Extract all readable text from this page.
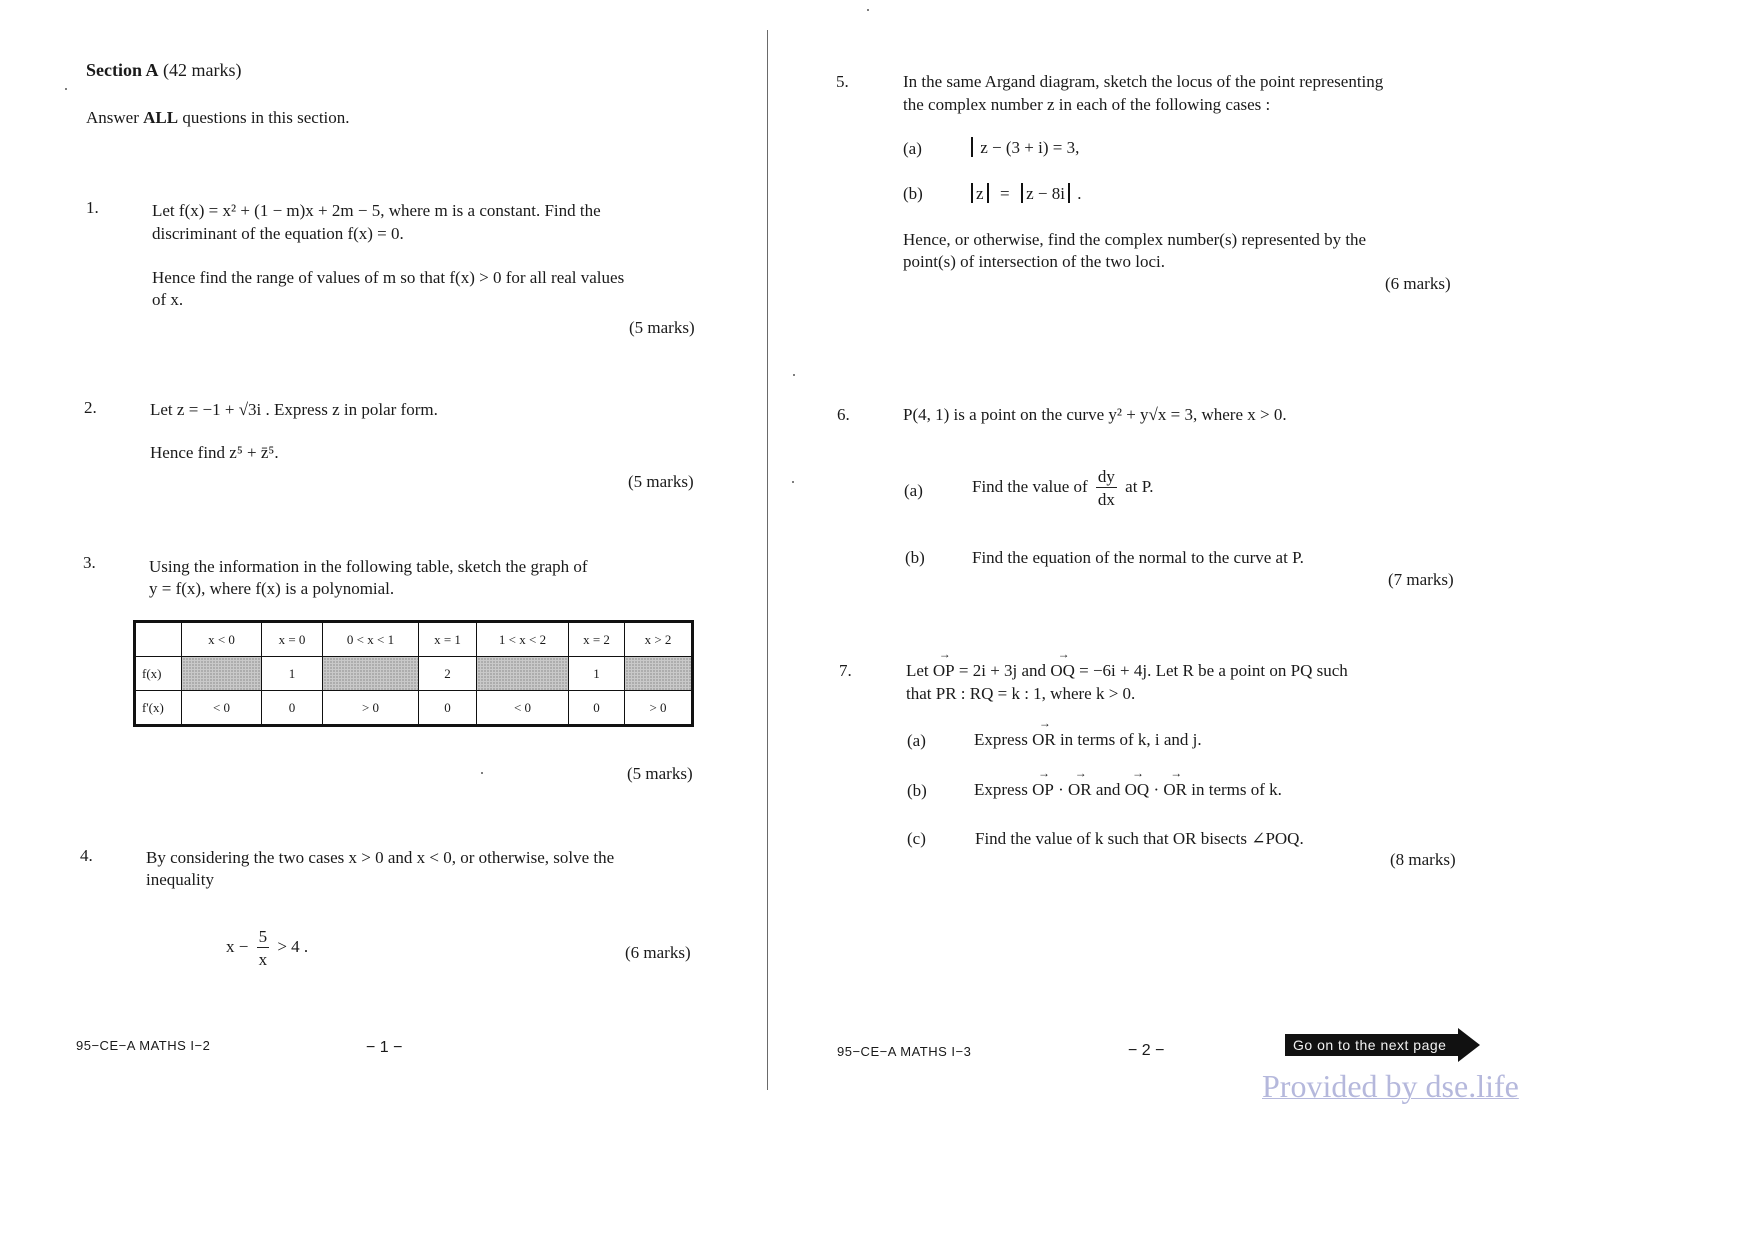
Section A (42 marks)
Answer ALL questions in this section.
1.	Let f(x) = x² + (1 − m)x + 2m − 5, where m is a constant. Find the
discriminant of the equation f(x) = 0.
Hence find the range of values of m so that f(x) > 0 for all real values
of x.
(5 marks)
2.	Let z = −1 + √3i . Express z in polar form.
Hence find z⁵ + z̄⁵.
(5 marks)
3.	Using the information in the following table, sketch the graph of
y = f(x), where f(x) is a polynomial.
	x < 0	x = 0	0 < x < 1	x = 1	1 < x < 2	x = 2	x > 2
f(x)		1		2		1	
f'(x)	< 0	0	> 0	0	< 0	0	> 0
(5 marks)
4.	By considering the two cases x > 0 and x < 0, or otherwise, solve the
inequality
$x - \frac{5}{x} > 4$ .	(6 marks)
95−CE−A MATHS I−2	− 1 −
5.	In the same Argand diagram, sketch the locus of the point representing
the complex number z in each of the following cases :
(a)	z − (3 + i) = 3,
(b)	z = z − 8i .
Hence, or otherwise, find the complex number(s) represented by the
point(s) of intersection of the two loci.
(6 marks)
6.	P(4, 1) is a point on the curve y² + y√x = 3, where x > 0.
(a)	Find the value of $\frac{dy}{dx}$ at P.
(b)	Find the equation of the normal to the curve at P.
(7 marks)
7.	Let → OP = 2i + 3j and → OQ = −6i + 4j. Let R be a point on PQ such
that PR : RQ = k : 1, where k > 0.
(a)	Express → OR in terms of k, i and j.
(b)	Express → OP · → OR and → OQ · → OR in terms of k.
(c)	Find the value of k such that OR bisects ∠POQ.
(8 marks)
95−CE−A MATHS I−3	− 2 −	Go on to the next page
Provided by dse.life
